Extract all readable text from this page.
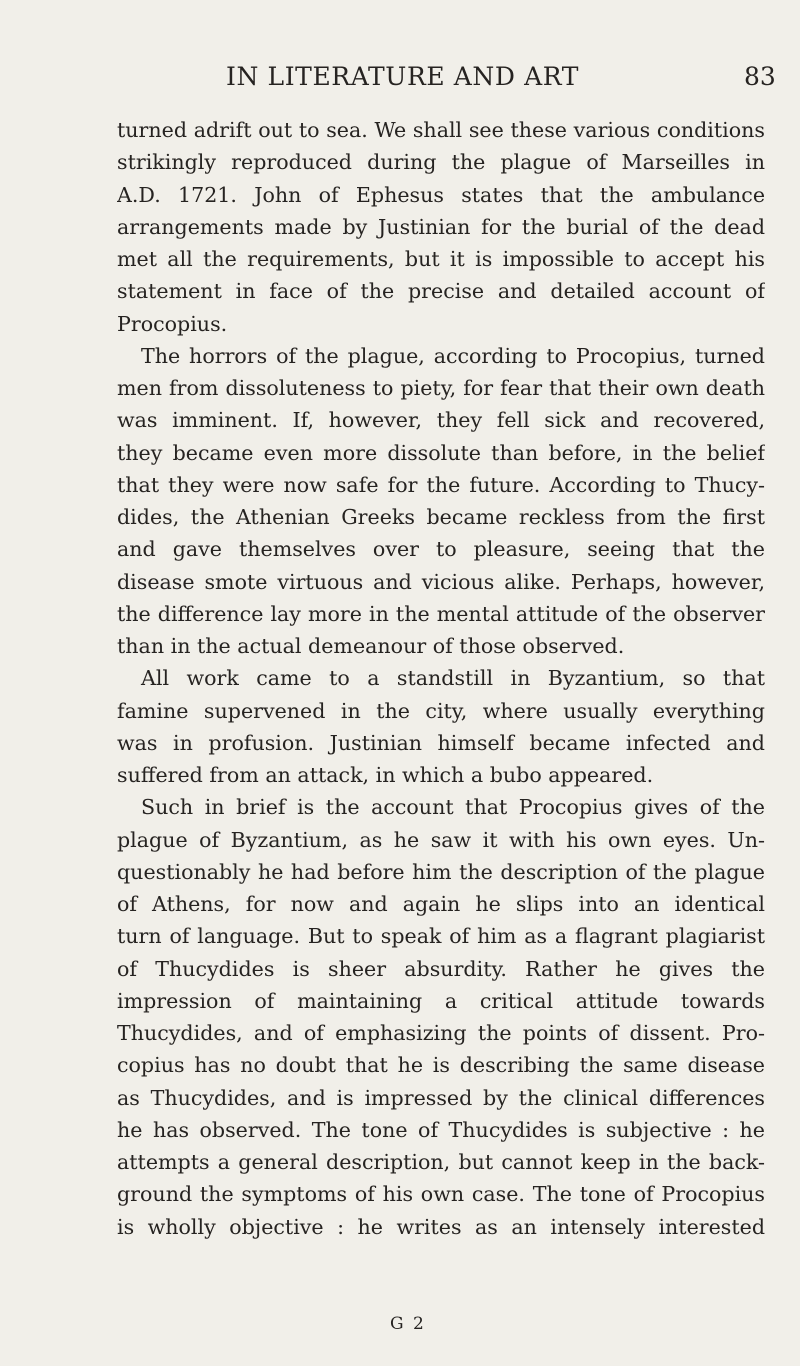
IN LITERATURE AND ART	83
turned adrift out to sea. We shall see these various conditions
strikingly reproduced during the plague of Marseilles in
A.D. 1721. John of Ephesus states that the ambulance
arrangements made by Justinian for the burial of the dead
met all the requirements, but it is impossible to accept his
statement in face of the precise and detailed account of
Procopius.
The horrors of the plague, according to Procopius, turned
men from dissoluteness to piety, for fear that their own death
was imminent. If, however, they fell sick and recovered,
they became even more dissolute than before, in the belief
that they were now safe for the future. According to Thucy-
dides, the Athenian Greeks became reckless from the first
and gave themselves over to pleasure, seeing that the
disease smote virtuous and vicious alike. Perhaps, however,
the difference lay more in the mental attitude of the observer
than in the actual demeanour of those observed.
All work came to a standstill in Byzantium, so that
famine supervened in the city, where usually everything
was in profusion. Justinian himself became infected and
suffered from an attack, in which a bubo appeared.
Such in brief is the account that Procopius gives of the
plague of Byzantium, as he saw it with his own eyes. Un-
questionably he had before him the description of the plague
of Athens, for now and again he slips into an identical
turn of language. But to speak of him as a flagrant plagiarist
of Thucydides is sheer absurdity. Rather he gives the
impression of maintaining a critical attitude towards
Thucydides, and of emphasizing the points of dissent. Pro-
copius has no doubt that he is describing the same disease
as Thucydides, and is impressed by the clinical differences
he has observed. The tone of Thucydides is subjective : he
attempts a general description, but cannot keep in the back-
ground the symptoms of his own case. The tone of Procopius
is wholly objective : he writes as an intensely interested
G 2
